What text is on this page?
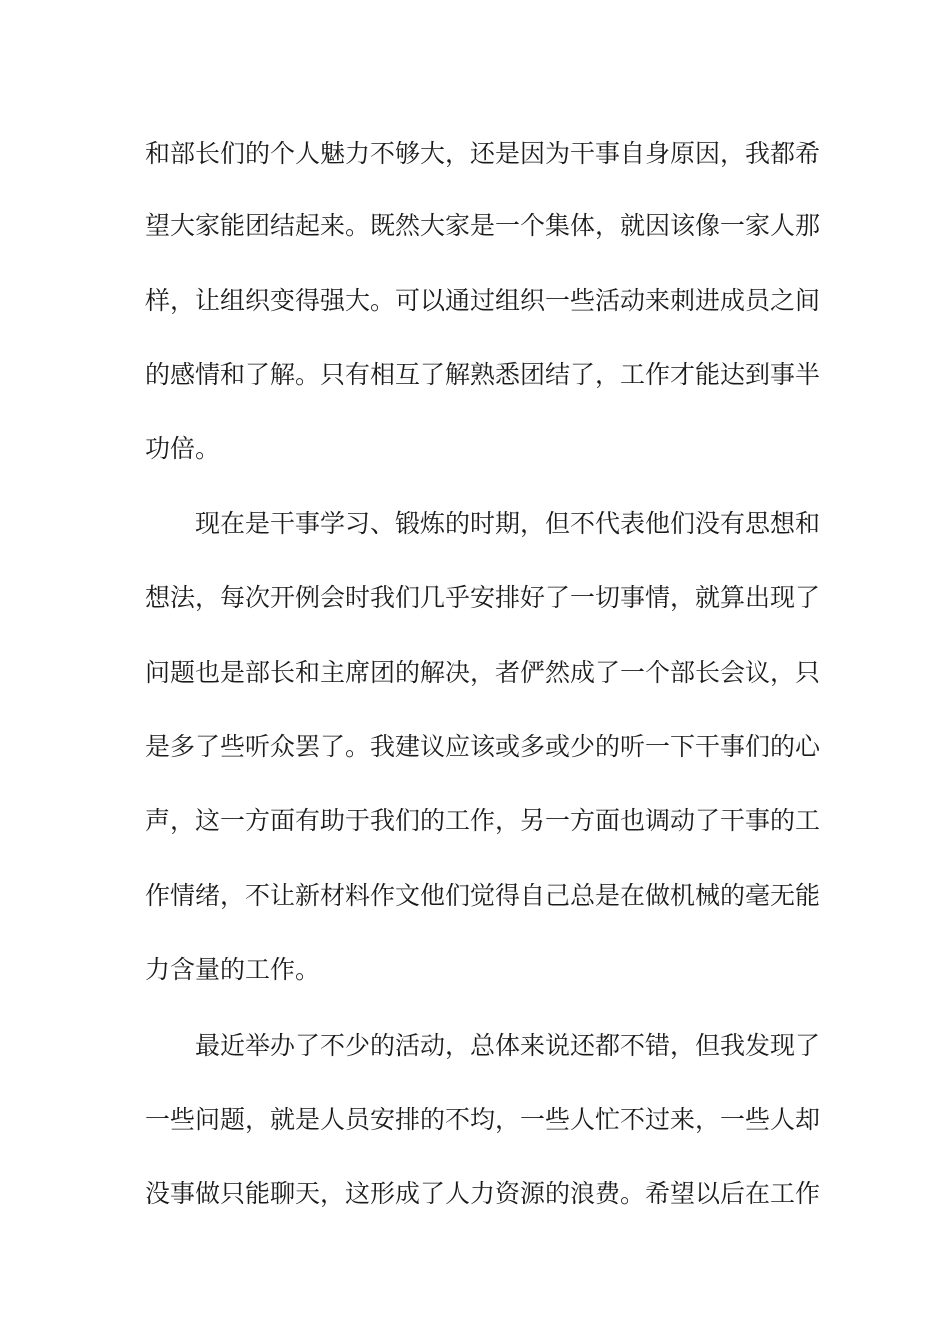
和部长们的个人魅力不够大，还是因为干事自身原因，我都希
望大家能团结起来。既然大家是一个集体，就因该像一家人那
样，让组织变得强大。可以通过组织一些活动来刺进成员之间
的感情和了解。只有相互了解熟悉团结了，工作才能达到事半
功倍。
现在是干事学习、锻炼的时期，但不代表他们没有思想和
想法，每次开例会时我们几乎安排好了一切事情，就算出现了
问题也是部长和主席团的解决，者俨然成了一个部长会议，只
是多了些听众罢了。我建议应该或多或少的听一下干事们的心
声，这一方面有助于我们的工作，另一方面也调动了干事的工
作情绪，不让新材料作文他们觉得自己总是在做机械的毫无能
力含量的工作。
最近举办了不少的活动，总体来说还都不错，但我发现了
一些问题，就是人员安排的不均，一些人忙不过来，一些人却
没事做只能聊天，这形成了人力资源的浪费。希望以后在工作
